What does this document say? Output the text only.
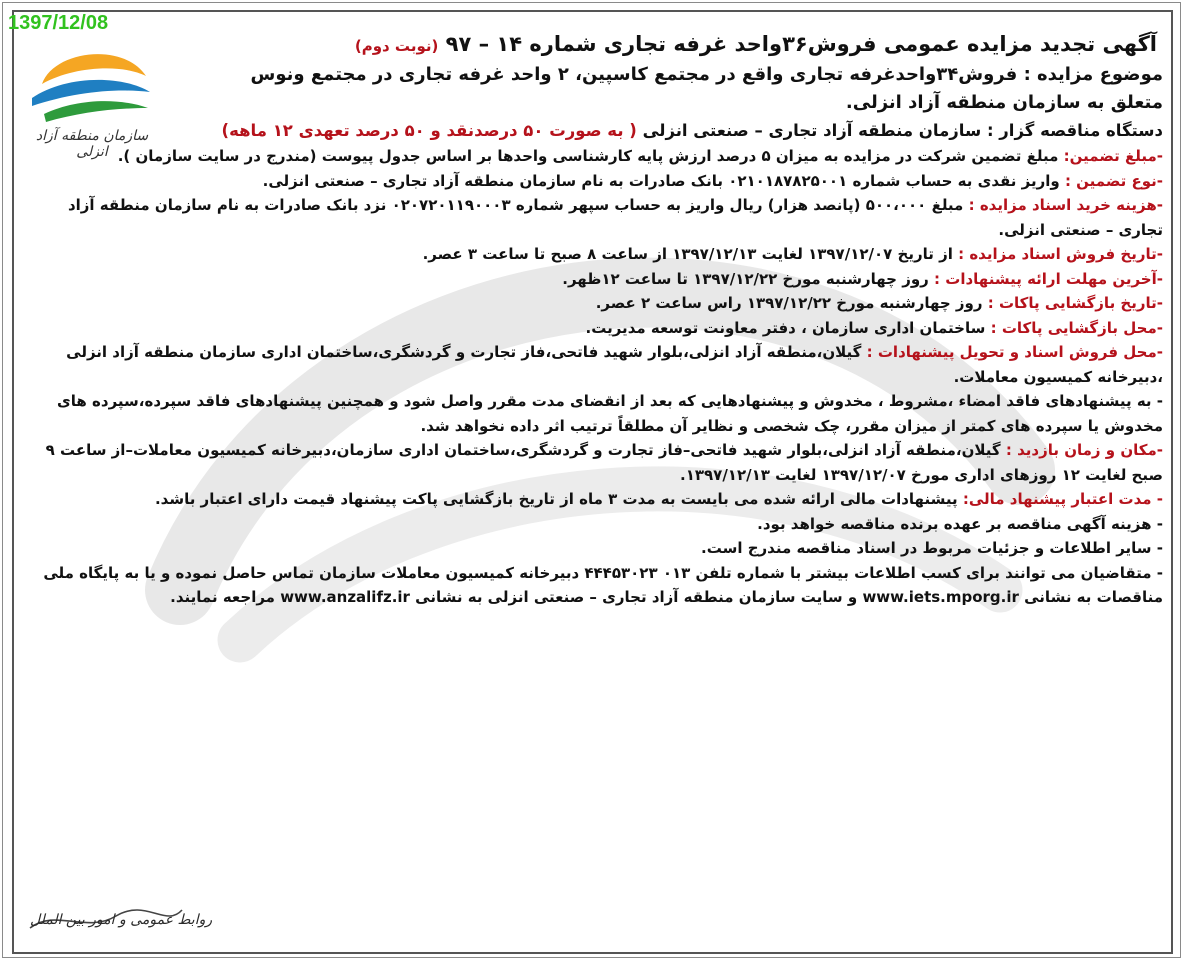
1397/12/08
سازمان منطقه آزاد انزلی
آگهی تجدید مزایده عمومی فروش۳۶واحد غرفه تجاری شماره ۱۴ – ۹۷ (نوبت دوم)
موضوع مزایده : فروش۳۴واحدغرفه تجاری واقع در مجتمع کاسپین، ۲ واحد غرفه تجاری در مجتمع ونوس
متعلق به سازمان منطقه آزاد انزلی.
دستگاه مناقصه گزار : سازمان منطقه آزاد تجاری – صنعتی انزلی ( به صورت ۵۰ درصدنقد و ۵۰ درصد تعهدی ۱۲ ماهه)
-مبلغ تضمین: مبلغ تضمین شرکت در مزایده به میزان ۵ درصد ارزش پایه کارشناسی واحدها بر اساس جدول پیوست (مندرج در سایت سازمان ).
-نوع تضمین : واریز نقدی به حساب شماره ۰۲۱۰۱۸۷۸۲۵۰۰۱ بانک صادرات به نام سازمان منطقه آزاد تجاری – صنعتی انزلی.
-هزینه خرید اسناد مزایده : مبلغ ۵۰۰،۰۰۰ (پانصد هزار) ریال واریز به حساب سپهر شماره ۰۲۰۷۲۰۱۱۹۰۰۰۳ نزد بانک صادرات به نام سازمان منطقه آزاد تجاری – صنعتی انزلی.
-تاریخ فروش اسناد مزایده : از تاریخ ۱۳۹۷/۱۲/۰۷ لغایت ۱۳۹۷/۱۲/۱۳ از ساعت ۸ صبح تا ساعت ۳ عصر.
-آخرین مهلت ارائه پیشنهادات : روز چهارشنبه مورخ ۱۳۹۷/۱۲/۲۲ تا ساعت ۱۲ظهر.
-تاریخ بازگشایی پاکات : روز چهارشنبه مورخ ۱۳۹۷/۱۲/۲۲ راس ساعت ۲ عصر.
-محل بازگشایی پاکات : ساختمان اداری سازمان ، دفتر معاونت توسعه مدیریت.
-محل فروش اسناد و تحویل پیشنهادات : گیلان،منطقه آزاد انزلی،بلوار شهید فاتحی،فاز تجارت و گردشگری،ساختمان اداری سازمان منطقه آزاد انزلی ،دبیرخانه کمیسیون معاملات.
- به پیشنهادهای فاقد امضاء ،مشروط ، مخدوش و پیشنهادهایی که بعد از انقضای مدت مقرر واصل شود و همچنین پیشنهادهای فاقد سپرده،سپرده های مخدوش یا سپرده های کمتر از میزان مقرر، چک شخصی و نظایر آن مطلقاً ترتیب اثر داده نخواهد شد.
-مکان و زمان بازدید : گیلان،منطقه آزاد انزلی،بلوار شهید فاتحی–فاز تجارت و گردشگری،ساختمان اداری سازمان،دبیرخانه کمیسیون معاملات–از ساعت ۹ صبح لغایت ۱۲ روزهای اداری مورخ ۱۳۹۷/۱۲/۰۷ لغایت ۱۳۹۷/۱۲/۱۳.
- مدت اعتبار پیشنهاد مالی: پیشنهادات مالی ارائه شده می بایست به مدت ۳ ماه از تاریخ بازگشایی پاکت پیشنهاد قیمت دارای اعتبار باشد.
- هزینه آگهی مناقصه بر عهده برنده مناقصه خواهد بود.
- سایر اطلاعات و جزئیات مربوط در اسناد مناقصه مندرج است.
- متقاضیان می توانند برای کسب اطلاعات بیشتر با شماره تلفن ۰۱۳ ۴۴۴۵۳۰۲۳ دبیرخانه کمیسیون معاملات سازمان تماس حاصل نموده و یا به پایگاه ملی مناقصات به نشانی www.iets.mporg.ir و سایت سازمان منطقه آزاد تجاری – صنعتی انزلی به نشانی www.anzalifz.ir مراجعه نمایند.
روابط عمومی و امور بین الملل
